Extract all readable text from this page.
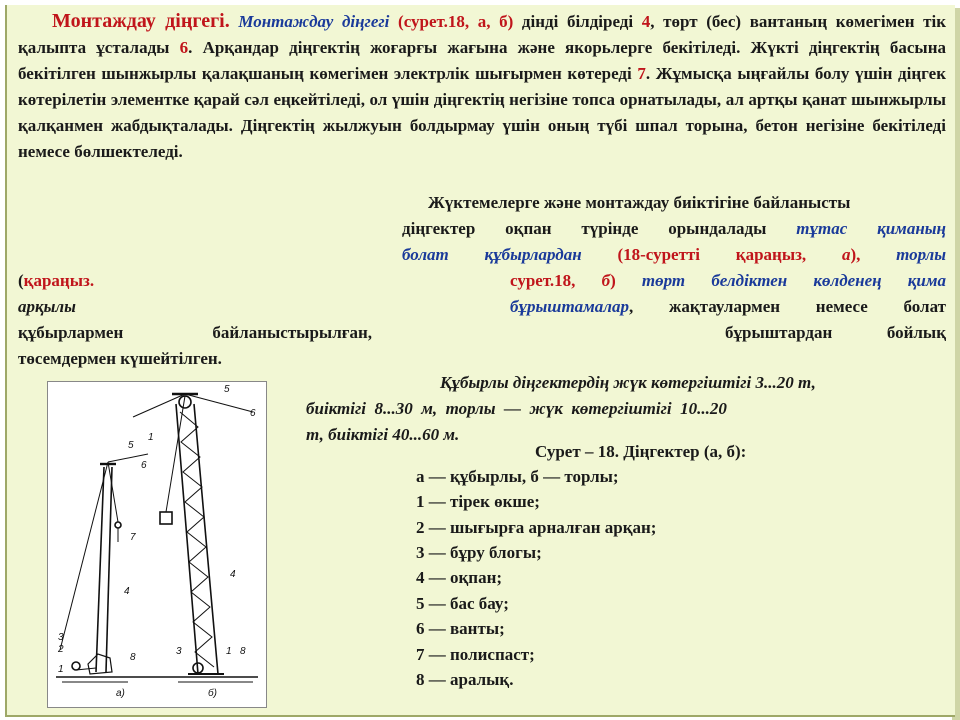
Монтаждау діңгегі. Монтаждау діңгегі (сурет.18, а, б) дінді білдіреді 4, төрт (бес) вантаның көмегімен тік қалыпта ұсталады 6. Арқандар діңгектің жоғарғы жағына және якорьлерге бекітіледі. Жүкті діңгектің басына бекітілген шынжырлы қалақшаның көмегімен электрлік шығырмен көтереді 7. Жұмысқа ыңғайлы болу үшін діңгек көтерілетін элементке қарай сәл еңкейтіледі, ол үшін діңгектің негізіне топса орнатылады, ал артқы қанат шынжырлы қалқанмен жабдықталады. Діңгектің жылжуын болдырмау үшін оның түбі шпал торына, бетон негізіне бекітіледі немесе бөлшектеледі.
Жүктемелерге және монтаждау биіктігіне байланысты
діңгектер оқпан түрінде орындалады тұтас қиманың
болат құбырлардан (18-суретті қараңыз, а), торлы
(қараңыз.	сурет.18, б) төрт белдіктен көлденең қима
арқылы	бұрыштамалар, жақтаулармен немесе болат
құбырлармен	байланыстырылған,	бұрыштардан	бойлық
төсемдермен күшейтілген.
Құбырлы діңгектердің жүк көтергіштігі 3...20 т,
биіктігі  8...30  м,  торлы  —  жүк  көтергіштігі  10...20
т, биіктігі 40...60 м.
Сурет – 18. Діңгектер (а, б):
а — құбырлы, б — торлы;
1 — тірек өкше;
2 — шығырға арналған арқан;
3 — бұру блогы;
4 — оқпан;
5 — бас бау;
6 — ванты;
7 — полиспаст;
8 — аралық.
5
6
1
5
6
7
4
4
3
2
1
8
3	1 8
а)	б)
